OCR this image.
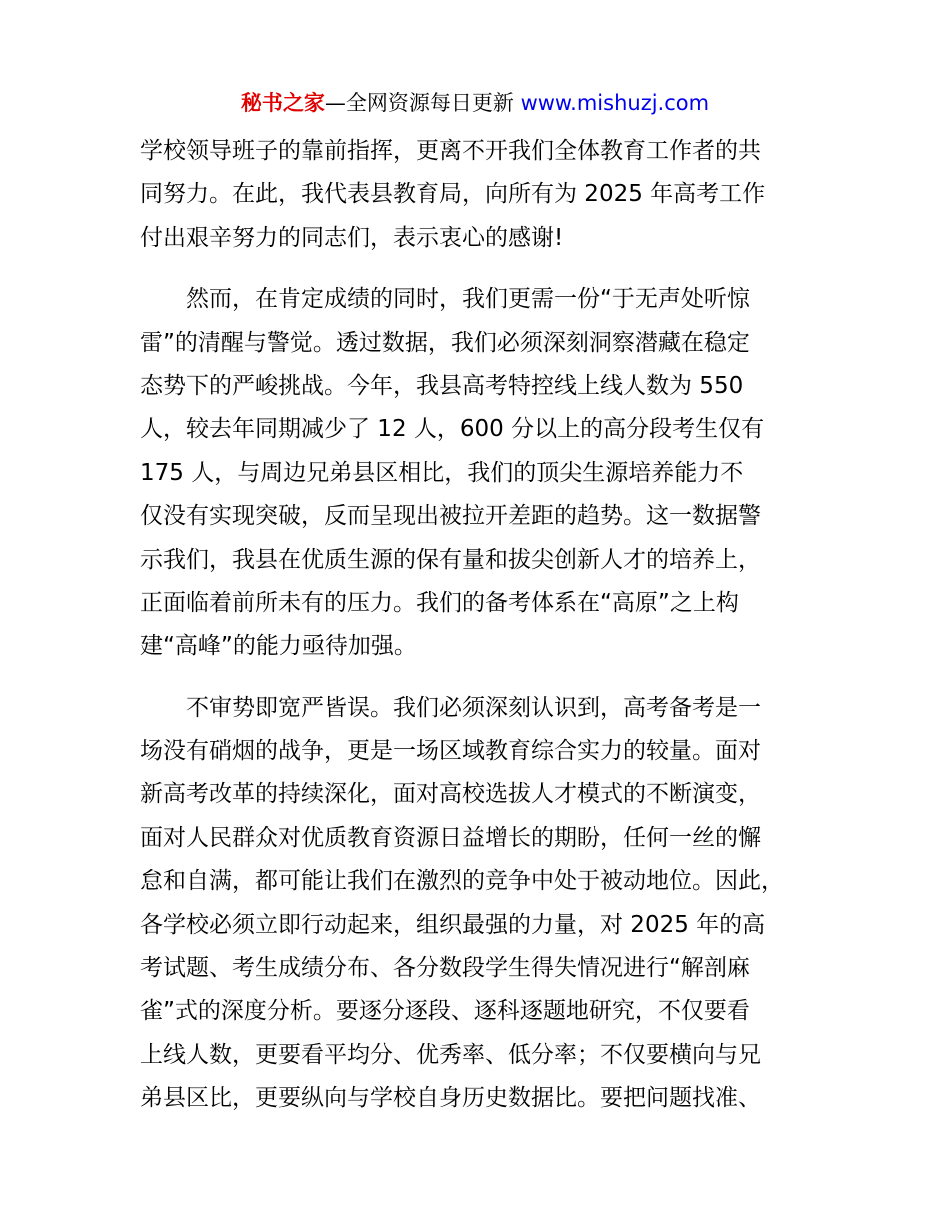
秘书之家—全网资源每日更新 www.mishuzj.com
学校领导班子的靠前指挥，更离不开我们全体教育工作者的共
同努力。在此，我代表县教育局，向所有为 2025 年高考工作
付出艰辛努力的同志们，表示衷心的感谢!
　　然而，在肯定成绩的同时，我们更需一份“于无声处听惊
雷”的清醒与警觉。透过数据，我们必须深刻洞察潜藏在稳定
态势下的严峻挑战。今年，我县高考特控线上线人数为 550
人，较去年同期减少了 12 人，600 分以上的高分段考生仅有
175 人，与周边兄弟县区相比，我们的顶尖生源培养能力不
仅没有实现突破，反而呈现出被拉开差距的趋势。这一数据警
示我们，我县在优质生源的保有量和拔尖创新人才的培养上，
正面临着前所未有的压力。我们的备考体系在“高原”之上构
建“高峰”的能力亟待加强。
　　不审势即宽严皆误。我们必须深刻认识到，高考备考是一
场没有硝烟的战争，更是一场区域教育综合实力的较量。面对
新高考改革的持续深化，面对高校选拔人才模式的不断演变，
面对人民群众对优质教育资源日益增长的期盼，任何一丝的懈
怠和自满，都可能让我们在激烈的竞争中处于被动地位。因此，
各学校必须立即行动起来，组织最强的力量，对 2025 年的高
考试题、考生成绩分布、各分数段学生得失情况进行“解剖麻
雀”式的深度分析。要逐分逐段、逐科逐题地研究，不仅要看
上线人数，更要看平均分、优秀率、低分率；不仅要横向与兄
弟县区比，更要纵向与学校自身历史数据比。要把问题找准、
